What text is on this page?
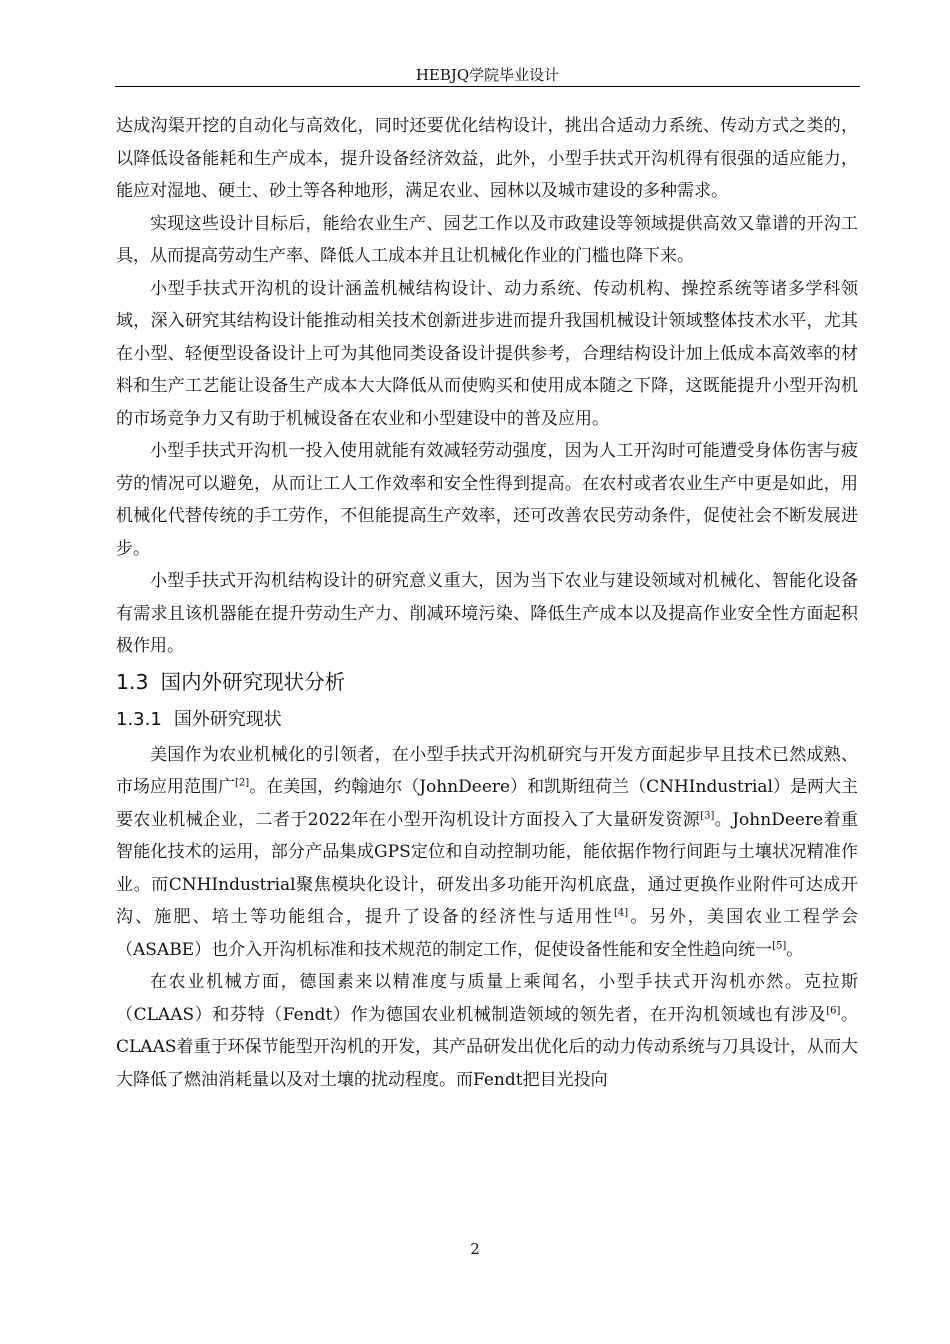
HEBJQ学院毕业设计

达成沟渠开挖的自动化与高效化，同时还要优化结构设计，挑出合适动力系统、传动方式之类的，以降低设备能耗和生产成本，提升设备经济效益，此外，小型手扶式开沟机得有很强的适应能力，能应对湿地、硬土、砂土等各种地形，满足农业、园林以及城市建设的多种需求。

实现这些设计目标后，能给农业生产、园艺工作以及市政建设等领域提供高效又靠谱的开沟工具，从而提高劳动生产率、降低人工成本并且让机械化作业的门槛也降下来。

小型手扶式开沟机的设计涵盖机械结构设计、动力系统、传动机构、操控系统等诸多学科领域，深入研究其结构设计能推动相关技术创新进步进而提升我国机械设计领域整体技术水平，尤其在小型、轻便型设备设计上可为其他同类设备设计提供参考，合理结构设计加上低成本高效率的材料和生产工艺能让设备生产成本大大降低从而使购买和使用成本随之下降，这既能提升小型开沟机的市场竞争力又有助于机械设备在农业和小型建设中的普及应用。

小型手扶式开沟机一投入使用就能有效减轻劳动强度，因为人工开沟时可能遭受身体伤害与疲劳的情况可以避免，从而让工人工作效率和安全性得到提高。在农村或者农业生产中更是如此，用机械化代替传统的手工劳作，不但能提高生产效率，还可改善农民劳动条件，促使社会不断发展进步。

小型手扶式开沟机结构设计的研究意义重大，因为当下农业与建设领域对机械化、智能化设备有需求且该机器能在提升劳动生产力、削减环境污染、降低生产成本以及提高作业安全性方面起积极作用。

1.3 国内外研究现状分析
1.3.1 国外研究现状

美国作为农业机械化的引领者，在小型手扶式开沟机研究与开发方面起步早且技术已然成熟、市场应用范围广[2]。在美国，约翰迪尔（JohnDeere）和凯斯纽荷兰（CNHIndustrial）是两大主要农业机械企业，二者于2022年在小型开沟机设计方面投入了大量研发资源[3]。JohnDeere着重智能化技术的运用，部分产品集成GPS定位和自动控制功能，能依据作物行间距与土壤状况精准作业。而CNHIndustrial聚焦模块化设计，研发出多功能开沟机底盘，通过更换作业附件可达成开沟、施肥、培土等功能组合，提升了设备的经济性与适用性[4]。另外，美国农业工程学会（ASABE）也介入开沟机标准和技术规范的制定工作，促使设备性能和安全性趋向统一[5]。

在农业机械方面，德国素来以精准度与质量上乘闻名，小型手扶式开沟机亦然。克拉斯（CLAAS）和芬特（Fendt）作为德国农业机械制造领域的领先者，在开沟机领域也有涉及[6]。CLAAS着重于环保节能型开沟机的开发，其产品研发出优化后的动力传动系统与刀具设计，从而大大降低了燃油消耗量以及对土壤的扰动程度。而Fendt把目光投向

2
